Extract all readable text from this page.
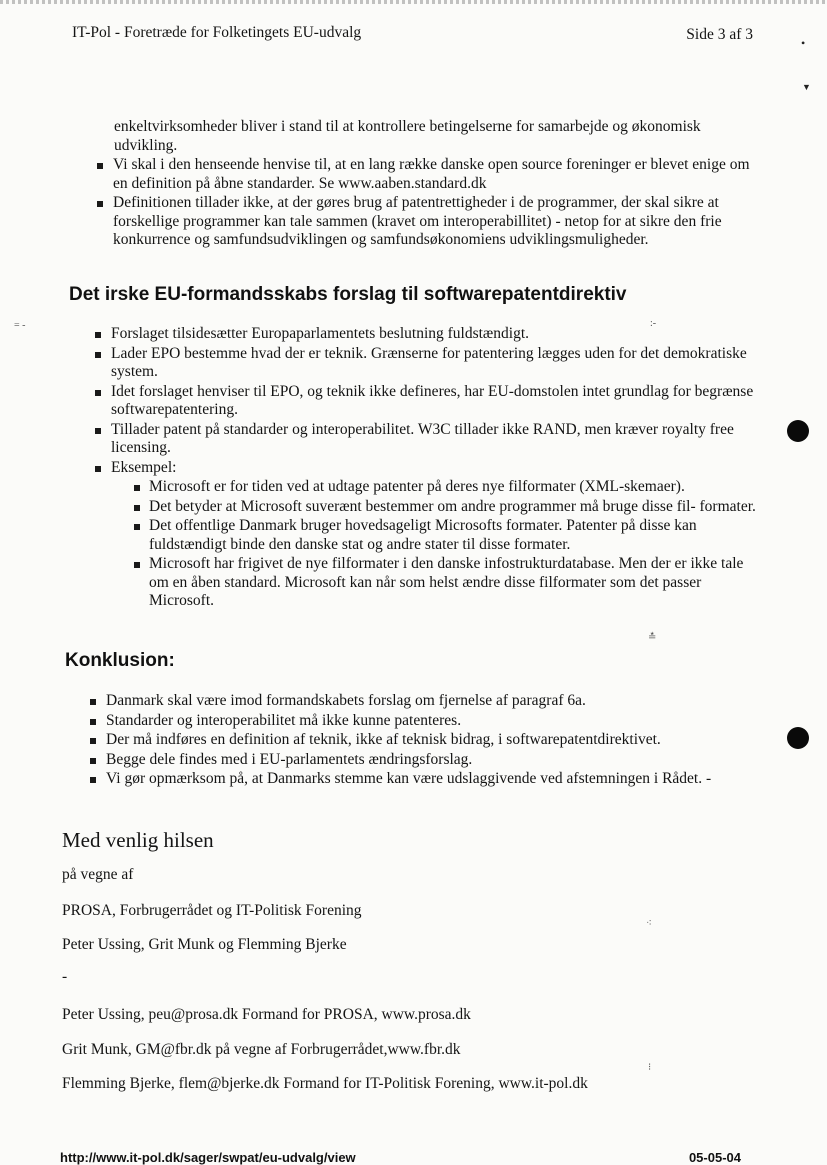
IT-Pol - Foretræde for Folketingets EU-udvalg	Side 3 af 3	•
▼
= -	:-
≛
⁖
⁝
enkeltvirksomheder bliver i stand til at kontrollere betingelserne for samarbejde og økonomisk udvikling.
Vi skal i den henseende henvise til, at en lang række danske open source foreninger er blevet enige om en definition på åbne standarder. Se www.aaben.standard.dk
Definitionen tillader ikke, at der gøres brug af patentrettigheder i de programmer, der skal sikre at forskellige programmer kan tale sammen (kravet om interoperabillitet) - netop for at sikre den frie konkurrence og samfundsudviklingen og samfundsøkonomiens udviklingsmuligheder.
Det irske EU-formandsskabs forslag til softwarepatentdirektiv
Forslaget tilsidesætter Europaparlamentets beslutning fuldstændigt.
Lader EPO bestemme hvad der er teknik. Grænserne for patentering lægges uden for det demokratiske system.
Idet forslaget henviser til EPO, og teknik ikke defineres, har EU-domstolen intet grundlag for begrænse softwarepatentering.
Tillader patent på standarder og interoperabilitet. W3C tillader ikke RAND, men kræver royalty free licensing.
Eksempel:
Microsoft er for tiden ved at udtage patenter på deres nye filformater (XML-skemaer).
Det betyder at Microsoft suverænt bestemmer om andre programmer må bruge disse fil- formater.
Det offentlige Danmark bruger hovedsageligt Microsofts formater. Patenter på disse kan fuldstændigt binde den danske stat og andre stater til disse formater.
Microsoft har frigivet de nye filformater i den danske infostrukturdatabase. Men der er ikke tale om en åben standard. Microsoft kan når som helst ændre disse filformater som det passer Microsoft.
Konklusion:
Danmark skal være imod formandskabets forslag om fjernelse af paragraf 6a.
Standarder og interoperabilitet må ikke kunne patenteres.
Der må indføres en definition af teknik, ikke af teknisk bidrag, i softwarepatentdirektivet.
Begge dele findes med i EU-parlamentets ændringsforslag.
Vi gør opmærksom på, at Danmarks stemme kan være udslaggivende ved afstemningen i Rådet. -
Med venlig hilsen
på vegne af
PROSA, Forbrugerrådet og IT-Politisk Forening
Peter Ussing, Grit Munk og Flemming Bjerke
-
Peter Ussing, peu@prosa.dk Formand for PROSA, www.prosa.dk
Grit Munk, GM@fbr.dk på vegne af Forbrugerrådet,www.fbr.dk
Flemming Bjerke, flem@bjerke.dk Formand for IT-Politisk Forening, www.it-pol.dk
http://www.it-pol.dk/sager/swpat/eu-udvalg/view	05-05-04
